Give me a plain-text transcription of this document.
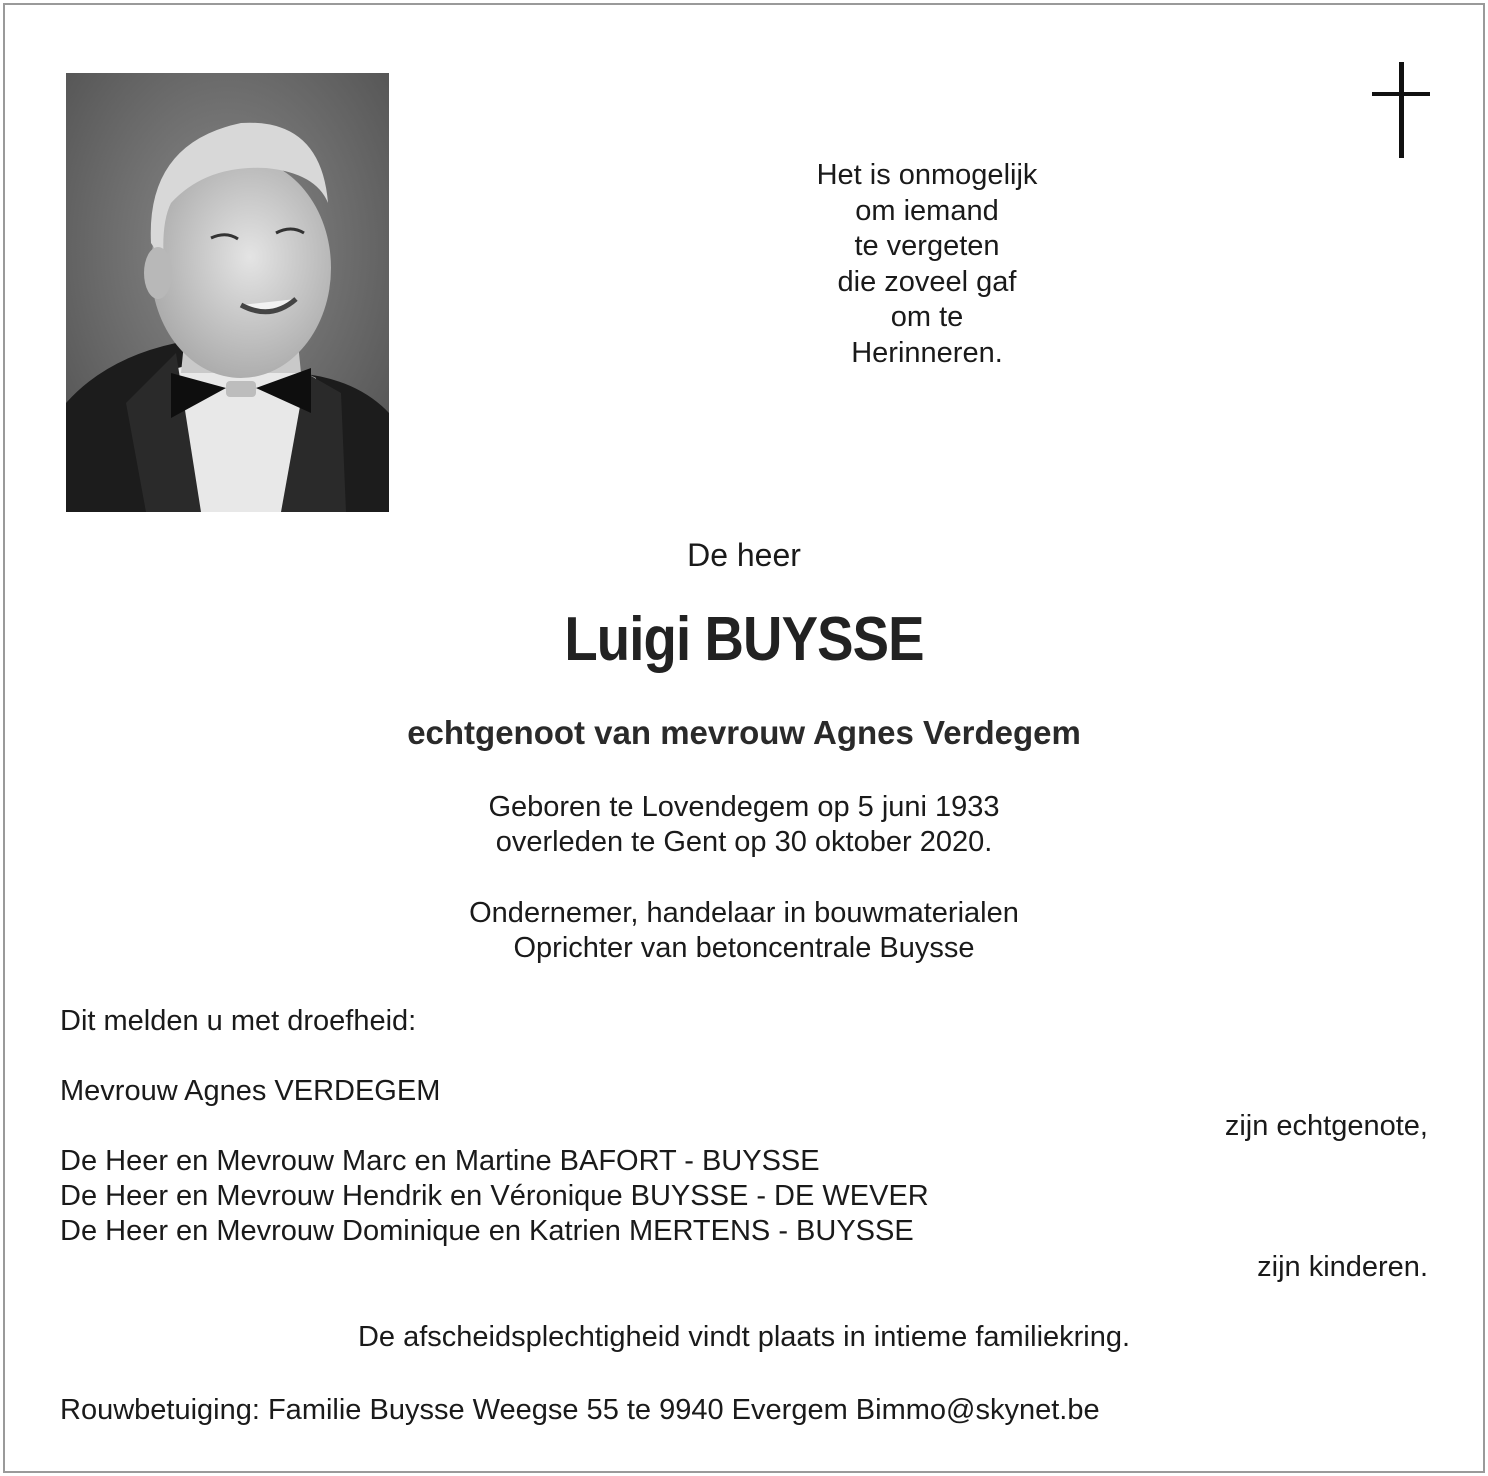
Het is onmogelijk
om iemand
te vergeten
die zoveel gaf
om te
Herinneren.
De heer
Luigi BUYSSE
echtgenoot van mevrouw Agnes Verdegem
Geboren te Lovendegem op 5 juni 1933
overleden te Gent op 30 oktober 2020.
Ondernemer, handelaar in bouwmaterialen
Oprichter van betoncentrale Buysse
Dit melden u met droefheid:
Mevrouw Agnes VERDEGEM
zijn echtgenote,
De Heer en Mevrouw Marc en Martine BAFORT - BUYSSE
De Heer en Mevrouw Hendrik en Véronique BUYSSE - DE WEVER
De Heer en Mevrouw Dominique en Katrien MERTENS - BUYSSE
zijn kinderen.
De afscheidsplechtigheid vindt plaats in intieme familiekring.
Rouwbetuiging: Familie Buysse Weegse 55 te 9940 Evergem Bimmo@skynet.be
